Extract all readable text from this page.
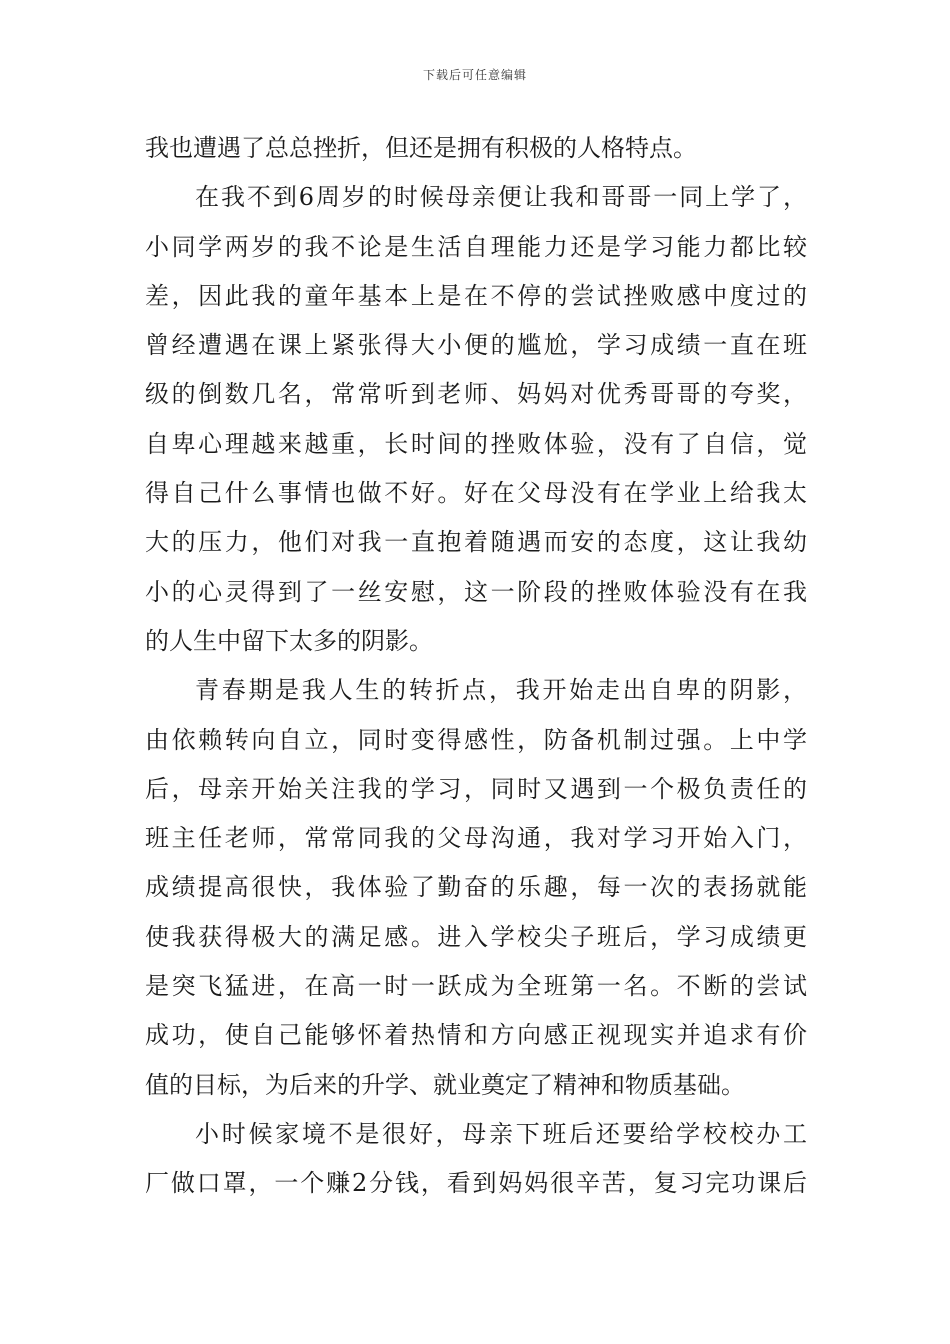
下载后可任意编辑
我也遭遇了总总挫折，但还是拥有积极的人格特点。
在我不到6周岁的时候母亲便让我和哥哥一同上学了，
小同学两岁的我不论是生活自理能力还是学习能力都比较
差，因此我的童年基本上是在不停的尝试挫败感中度过的
曾经遭遇在课上紧张得大小便的尴尬，学习成绩一直在班
级的倒数几名，常常听到老师、妈妈对优秀哥哥的夸奖，
自卑心理越来越重，长时间的挫败体验，没有了自信，觉
得自己什么事情也做不好。好在父母没有在学业上给我太
大的压力，他们对我一直抱着随遇而安的态度，这让我幼
小的心灵得到了一丝安慰，这一阶段的挫败体验没有在我
的人生中留下太多的阴影。
青春期是我人生的转折点，我开始走出自卑的阴影，
由依赖转向自立，同时变得感性，防备机制过强。上中学
后，母亲开始关注我的学习，同时又遇到一个极负责任的
班主任老师，常常同我的父母沟通，我对学习开始入门，
成绩提高很快，我体验了勤奋的乐趣，每一次的表扬就能
使我获得极大的满足感。进入学校尖子班后，学习成绩更
是突飞猛进，在高一时一跃成为全班第一名。不断的尝试
成功，使自己能够怀着热情和方向感正视现实并追求有价
值的目标，为后来的升学、就业奠定了精神和物质基础。
小时候家境不是很好，母亲下班后还要给学校校办工
厂做口罩，一个赚2分钱，看到妈妈很辛苦，复习完功课后
